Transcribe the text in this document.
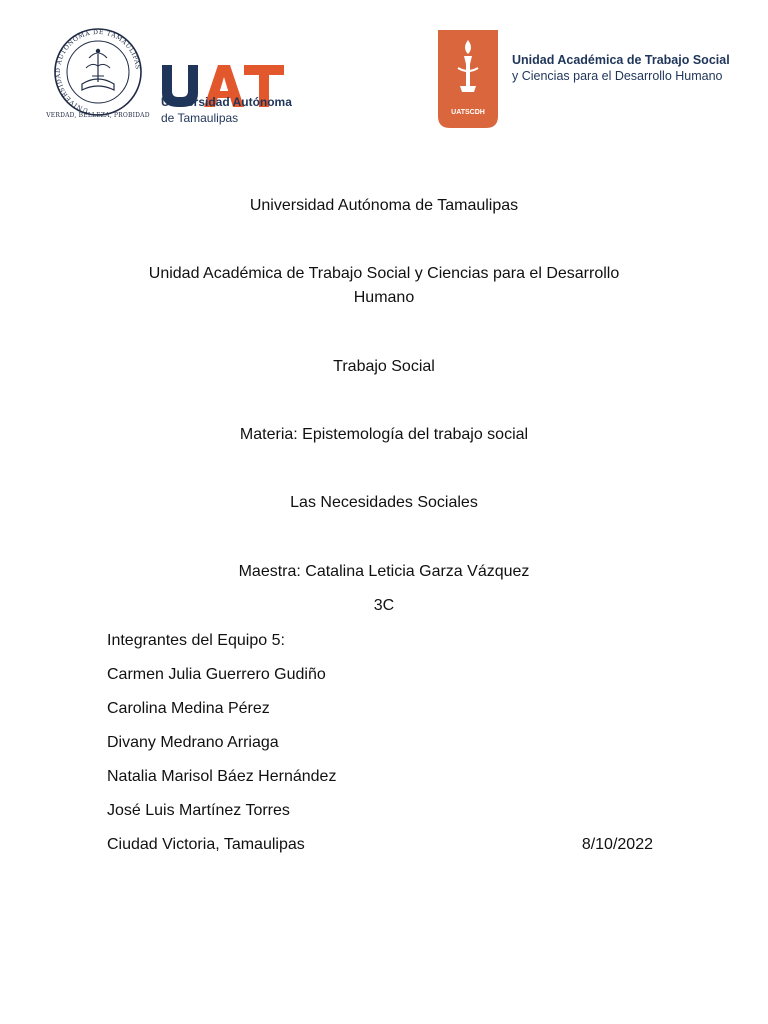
UNIVERSIDAD AUTÓNOMA DE TAMAULIPAS
VERDAD, BELLEZA, PROBIDAD
Universidad Autónoma
de Tamaulipas	UATSCDH
Unidad Académica de Trabajo Social
y Ciencias para el Desarrollo Humano
Universidad Autónoma de Tamaulipas
Unidad Académica de Trabajo Social y Ciencias para el Desarrollo
Humano
Trabajo Social
Materia: Epistemología del trabajo social
Las Necesidades Sociales
Maestra: Catalina Leticia Garza Vázquez
3C
Integrantes del Equipo 5:
Carmen Julia Guerrero Gudiño
Carolina Medina Pérez
Divany Medrano Arriaga
Natalia Marisol Báez Hernández
José Luis Martínez Torres
Ciudad Victoria, Tamaulipas	8/10/2022
